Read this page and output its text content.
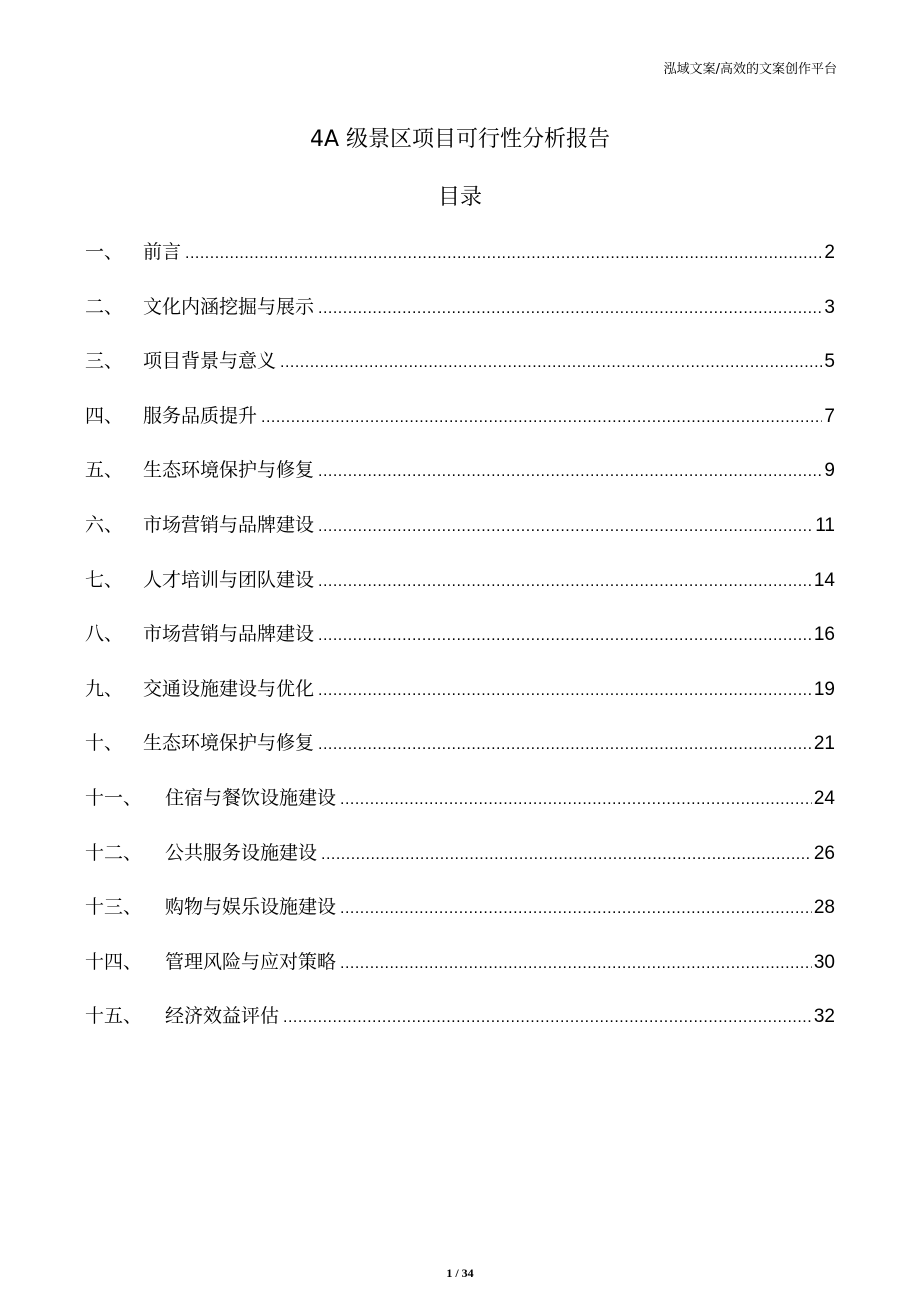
泓域文案/高效的文案创作平台
4A 级景区项目可行性分析报告
目录
一、	前言 .....	2
二、	文化内涵挖掘与展示 .....	3
三、	项目背景与意义 .....	5
四、	服务品质提升 .....	7
五、	生态环境保护与修复 .....	9
六、	市场营销与品牌建设 .....	11
七、	人才培训与团队建设 .....	14
八、	市场营销与品牌建设 .....	16
九、	交通设施建设与优化 .....	19
十、	生态环境保护与修复 .....	21
十一、	住宿与餐饮设施建设 .....	24
十二、	公共服务设施建设 .....	26
十三、	购物与娱乐设施建设 .....	28
十四、	管理风险与应对策略 .....	30
十五、	经济效益评估 .....	32
1 / 34
